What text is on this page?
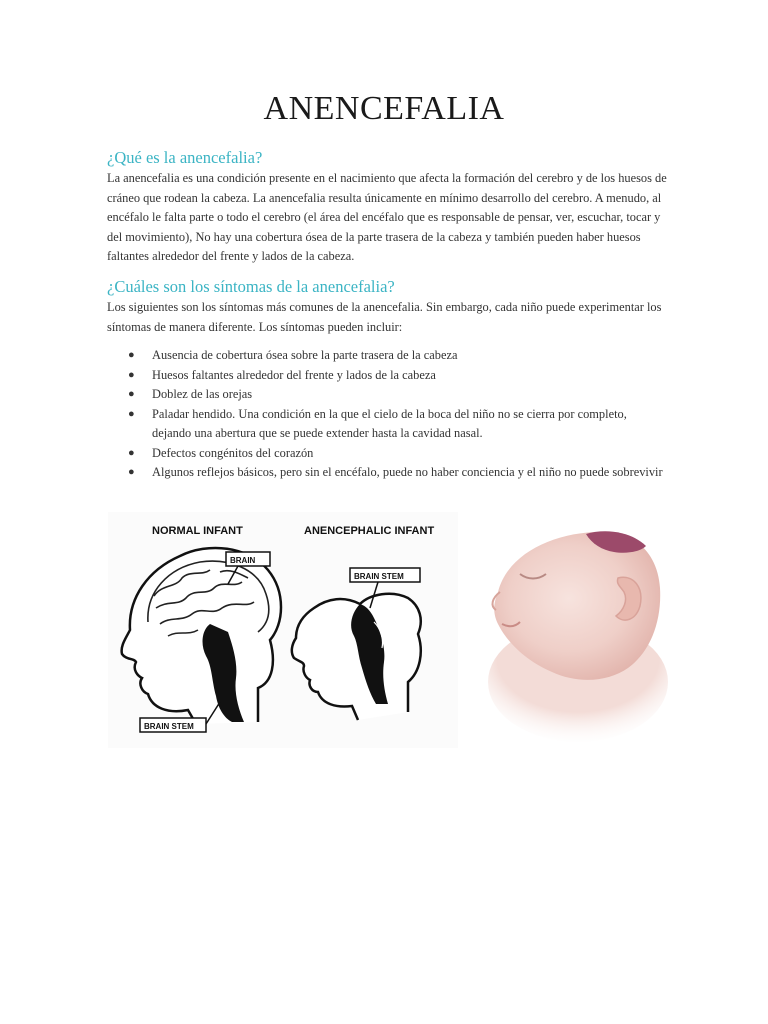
ANENCEFALIA
¿Qué es la anencefalia?

La anencefalia es una condición presente en el nacimiento que afecta la formación del cerebro y de los huesos de cráneo que rodean la cabeza. La anencefalia resulta únicamente en mínimo desarrollo del cerebro. A menudo, al encéfalo le falta parte o todo el cerebro (el área del encéfalo que es responsable de pensar, ver, escuchar, tocar y del movimiento), No hay una cobertura ósea de la parte trasera de la cabeza y también pueden haber huesos faltantes alrededor del frente y lados de la cabeza.

¿Cuáles son los síntomas de la anencefalia?

Los siguientes son los síntomas más comunes de la anencefalia. Sin embargo, cada niño puede experimentar los síntomas de manera diferente. Los síntomas pueden incluir:

● Ausencia de cobertura ósea sobre la parte trasera de la cabeza
● Huesos faltantes alrededor del frente y lados de la cabeza
● Doblez de las orejas
● Paladar hendido. Una condición en la que el cielo de la boca del niño no se cierra por completo, dejando una abertura que se puede extender hasta la cavidad nasal.
● Defectos congénitos del corazón
● Algunos reflejos básicos, pero sin el encéfalo, puede no haber conciencia y el niño no puede sobrevivir
NORMAL INFANT	ANENCEPHALIC INFANT
BRAIN
BRAIN STEM
BRAIN STEM
